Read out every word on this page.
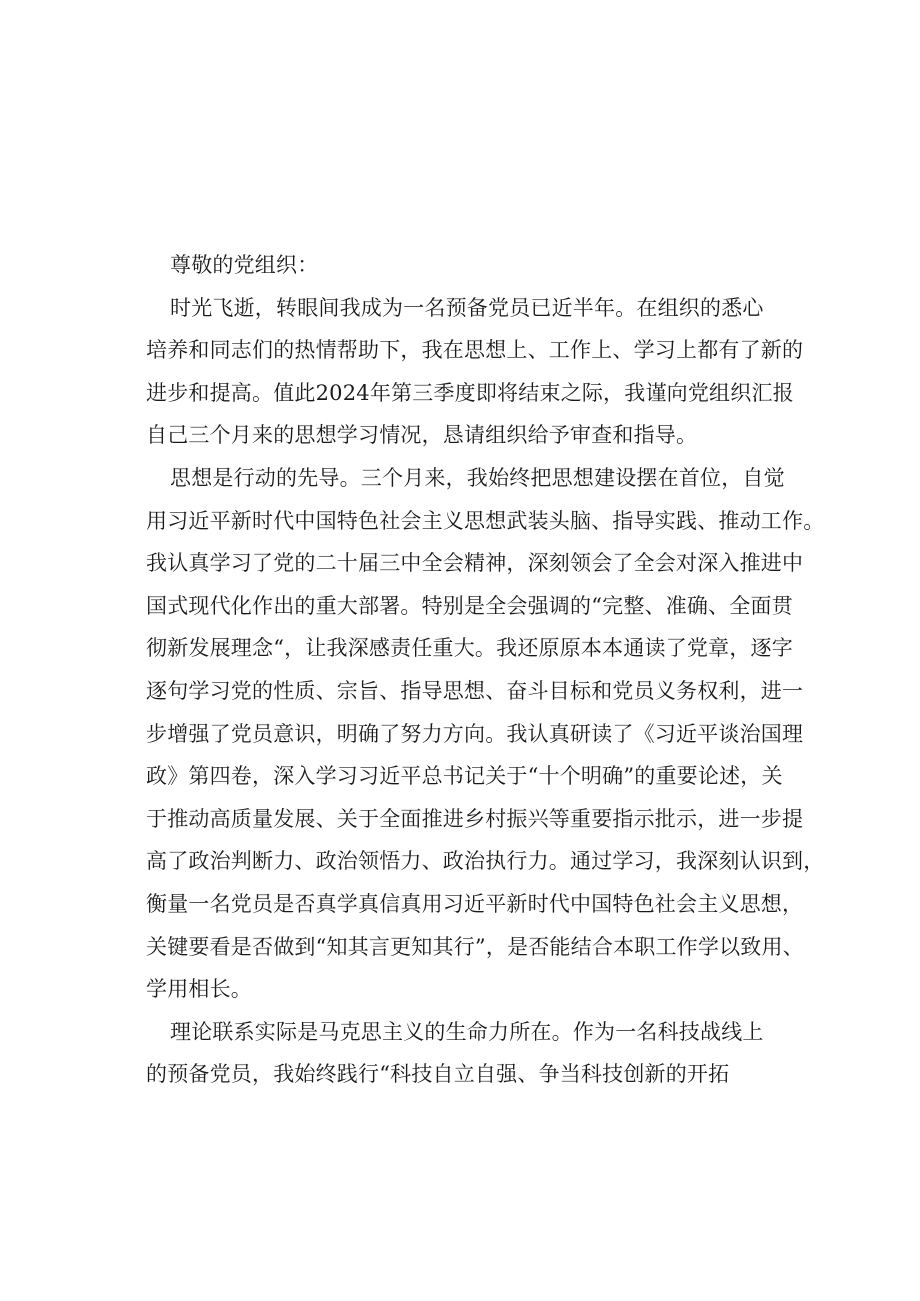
尊敬的党组织：
时光飞逝，转眼间我成为一名预备党员已近半年。在组织的悉心
培养和同志们的热情帮助下，我在思想上、工作上、学习上都有了新的
进步和提高。值此2024年第三季度即将结束之际，我谨向党组织汇报
自己三个月来的思想学习情况，恳请组织给予审查和指导。
思想是行动的先导。三个月来，我始终把思想建设摆在首位，自觉
用习近平新时代中国特色社会主义思想武装头脑、指导实践、推动工作。
我认真学习了党的二十届三中全会精神，深刻领会了全会对深入推进中
国式现代化作出的重大部署。特别是全会强调的“完整、准确、全面贯
彻新发展理念“，让我深感责任重大。我还原原本本通读了党章，逐字
逐句学习党的性质、宗旨、指导思想、奋斗目标和党员义务权利，进一
步增强了党员意识，明确了努力方向。我认真研读了《习近平谈治国理
政》第四卷，深入学习习近平总书记关于“十个明确”的重要论述，关
于推动高质量发展、关于全面推进乡村振兴等重要指示批示，进一步提
高了政治判断力、政治领悟力、政治执行力。通过学习，我深刻认识到，
衡量一名党员是否真学真信真用习近平新时代中国特色社会主义思想，
关键要看是否做到“知其言更知其行”，是否能结合本职工作学以致用、
学用相长。
理论联系实际是马克思主义的生命力所在。作为一名科技战线上
的预备党员，我始终践行“科技自立自强、争当科技创新的开拓
